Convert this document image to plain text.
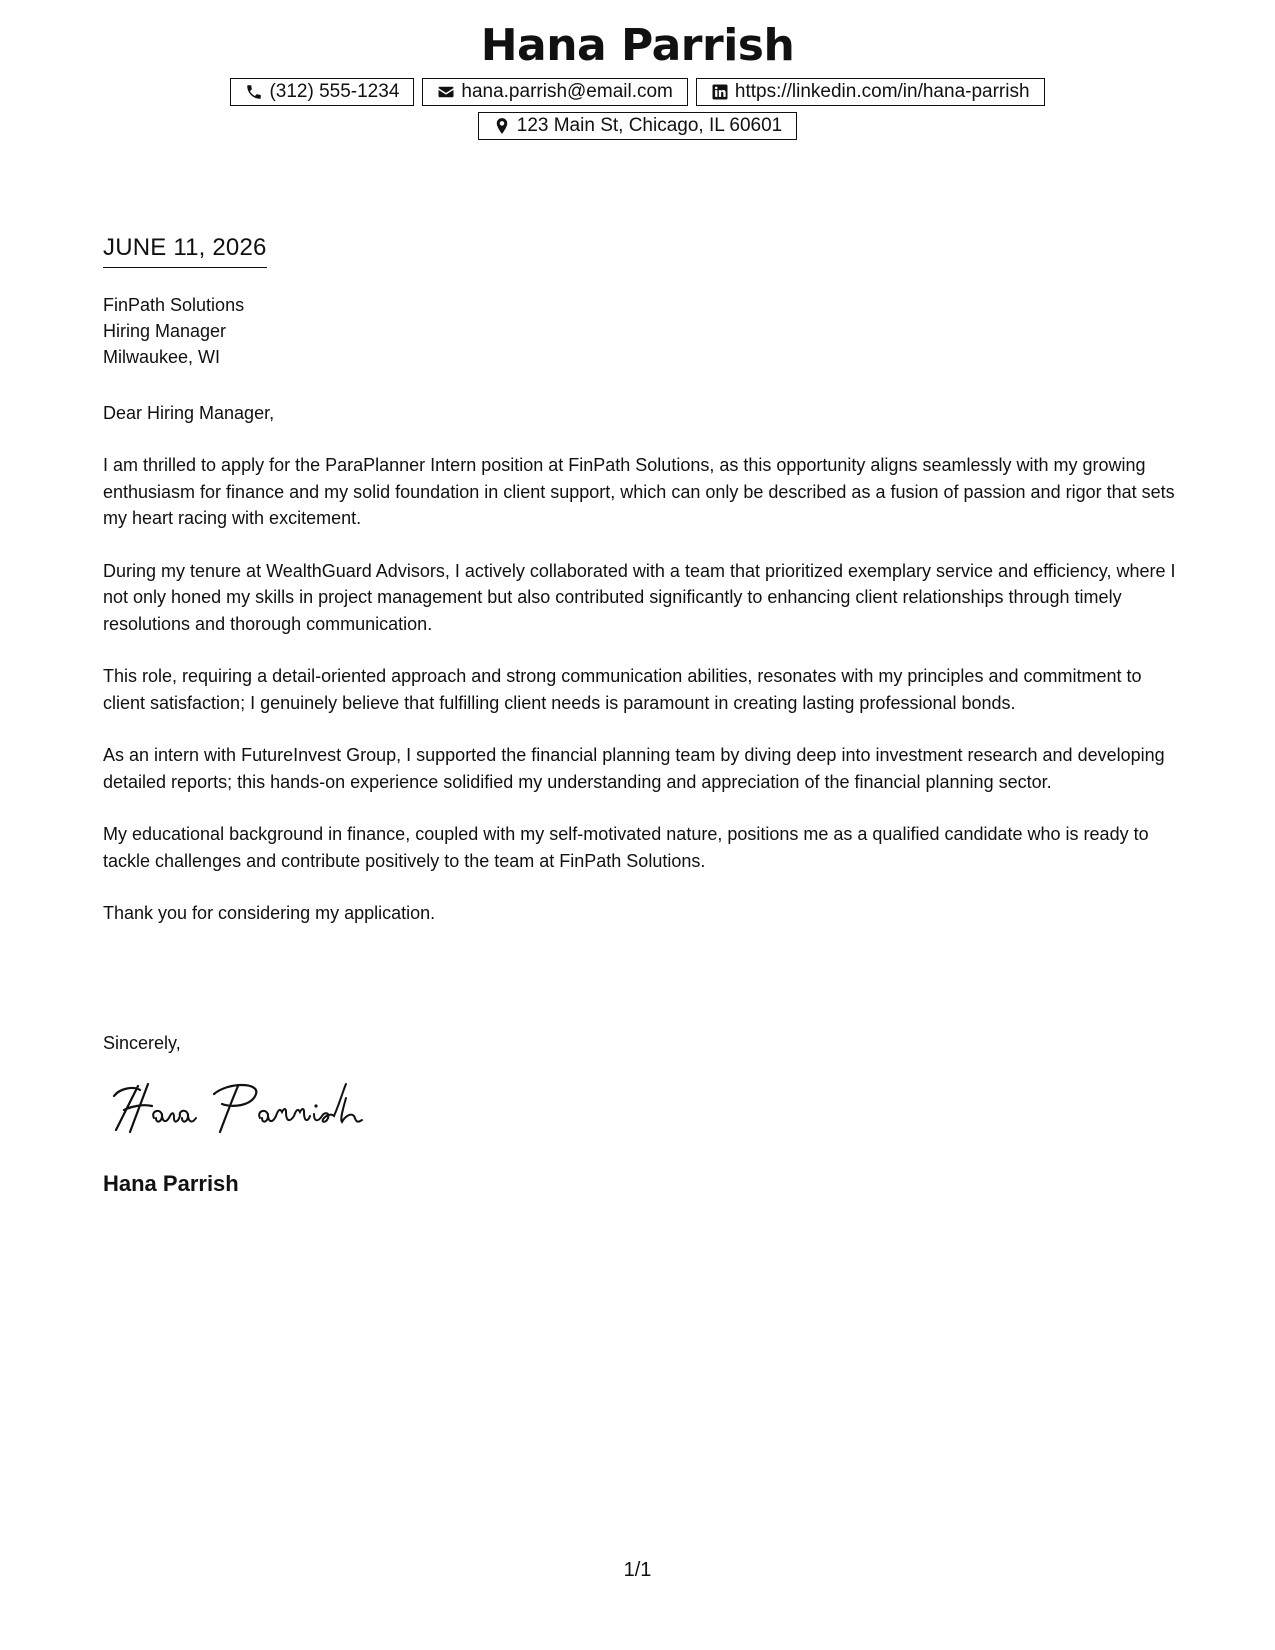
Hana Parrish
(312) 555-1234	hana.parrish@email.com	https://linkedin.com/in/hana-parrish
123 Main St, Chicago, IL 60601
JUNE 11, 2026
FinPath Solutions
Hiring Manager
Milwaukee, WI
Dear Hiring Manager,

I am thrilled to apply for the ParaPlanner Intern position at FinPath Solutions, as this opportunity aligns seamlessly with my growing enthusiasm for finance and my solid foundation in client support, which can only be described as a fusion of passion and rigor that sets my heart racing with excitement.

During my tenure at WealthGuard Advisors, I actively collaborated with a team that prioritized exemplary service and efficiency, where I not only honed my skills in project management but also contributed significantly to enhancing client relationships through timely resolutions and thorough communication.

This role, requiring a detail-oriented approach and strong communication abilities, resonates with my principles and commitment to client satisfaction; I genuinely believe that fulfilling client needs is paramount in creating lasting professional bonds.

As an intern with FutureInvest Group, I supported the financial planning team by diving deep into investment research and developing detailed reports; this hands-on experience solidified my understanding and appreciation of the financial planning sector.

My educational background in finance, coupled with my self-motivated nature, positions me as a qualified candidate who is ready to tackle challenges and contribute positively to the team at FinPath Solutions.

Thank you for considering my application.

Sincerely,
Hana Parrish
1/1
